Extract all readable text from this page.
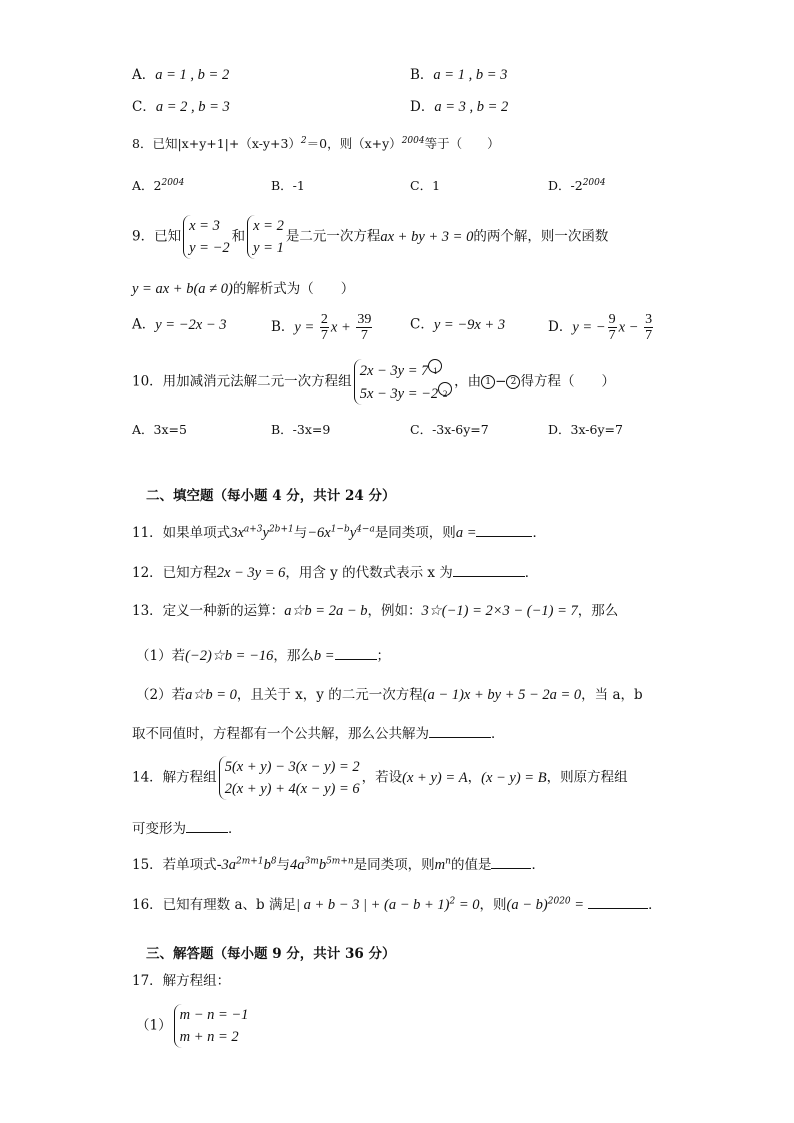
A．a = 1 , b = 2	B．a = 1 , b = 3
C．a = 2 , b = 3	D．a = 3 , b = 2
8．已知$|x+y+1|+(x-y+3)^2=0$，则$(x+y)^{2004}$等于（　　）
A．$2^{2004}$	B．-1	C．1	D．$-2^{2004}$
9．已知
x = 3
y = −2
和
x = 2
y = 1
是二元一次方程ax + by + 3 = 0的两个解，则一次函数
y = ax + b(a ≠ 0)的解析式为（　　）
A．y = −2x − 3	B．$y = \frac{2}{7}$ $x + \frac{39}{7}$	C．y = −9x + 3	D．y = − $\frac{9}{7}$ $x - \frac{3}{7}$
10．用加减消元法解二元一次方程组
2x − 3y = 7 1
5x − 3y = −2 2
，由 1 − 2 得方程（　　）
A．3x=5	B．-3x=9	C．-3x-6y=7	D．3x-6y=7
二、填空题（每小题 4 分，共计 24 分）
11．如果单项式$3x^{a+3}y^{2b+1}$与$-6x^{1-b}y^{4-a}$是同类项，则a =	．
12．已知方程2x − 3y = 6，用含 y 的代数式表示 x 为	．
13．定义一种新的运算：a☆b = 2a − b，例如：3☆(−1) = 2×3 − (−1) = 7，那么
（1）若(−2)☆b = −16，那么b =	；
（2）若a☆b = 0，且关于 x，y 的二元一次方程(a − 1)x + by + 5 − 2a = 0，当 a，b
取不同值时，方程都有一个公共解，那么公共解为	．
14．解方程组
5(x + y) − 3(x − y) = 2
2(x + y) + 4(x − y) = 6
，若设(x + y) = A，(x − y) = B，则原方程组
可变形为	．
15．若单项式$-3a^{2m+1}b^8$与$4a^{3m}b^{5m+n}$是同类项，则$m^n$的值是	．
16．已知有理数 a、b 满足| a + b − 3 | + $(a - b + 1)^2 = 0$，则$(a - b)^{2020}$ =	．
三、解答题（每小题 9 分，共计 36 分）
17．解方程组：
（1）
m − n = −1
m + n = 2
